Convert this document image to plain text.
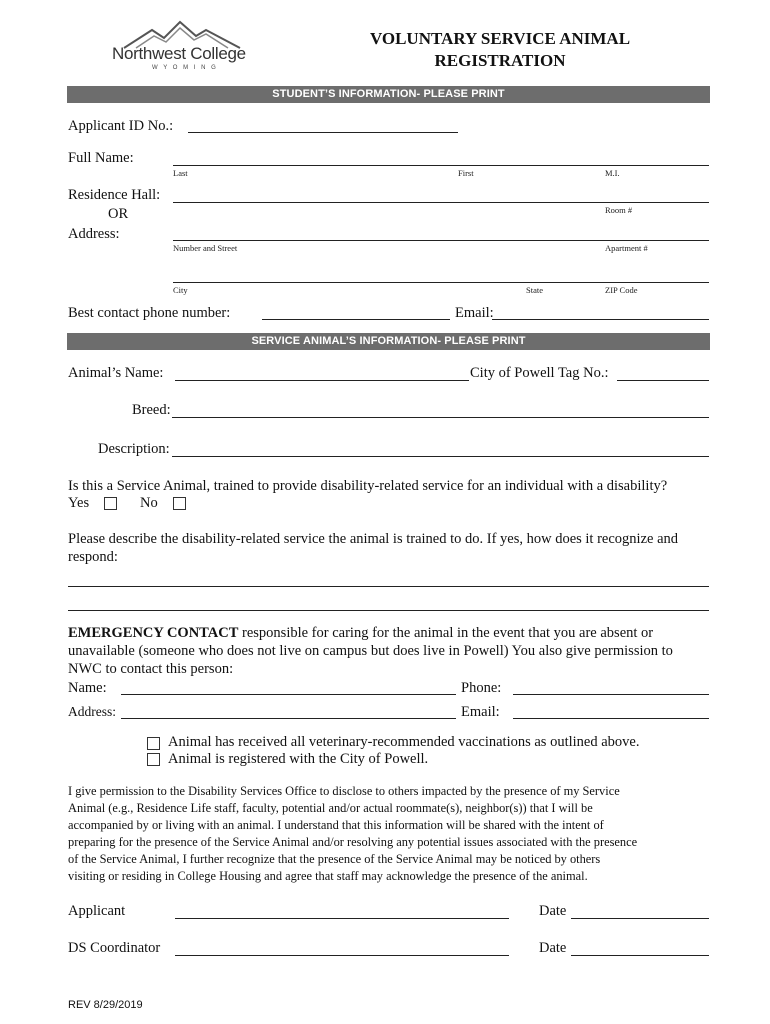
Northwest College
W Y O M I N G
VOLUNTARY SERVICE ANIMAL
REGISTRATION
STUDENT’S INFORMATION- PLEASE PRINT
Applicant ID No.:
Full Name:
Last	First	M.I.
Residence Hall:
Room #
OR
Address:
Number and Street	Apartment #
City	State	ZIP Code
Best contact phone number:	Email:
SERVICE ANIMAL’S INFORMATION- PLEASE PRINT
Animal’s Name:	City of Powell Tag No.:
Breed:
Description:
Is this a Service Animal, trained to provide disability-related service for an individual with a disability?
Yes	No
Please describe the disability-related service the animal is trained to do. If yes, how does it recognize and
respond:
EMERGENCY CONTACT responsible for caring for the animal in the event that you are absent or
unavailable (someone who does not live on campus but does live in Powell) You also give permission to
NWC to contact this person:
Name:	Phone:
Address:	Email:
Animal has received all veterinary-recommended vaccinations as outlined above.
Animal is registered with the City of Powell.
I give permission to the Disability Services Office to disclose to others impacted by the presence of my Service
Animal (e.g., Residence Life staff, faculty, potential and/or actual roommate(s), neighbor(s)) that I will be
accompanied by or living with an animal. I understand that this information will be shared with the intent of
preparing for the presence of the Service Animal and/or resolving any potential issues associated with the presence
of the Service Animal, I further recognize that the presence of the Service Animal may be noticed by others
visiting or residing in College Housing and agree that staff may acknowledge the presence of the animal.
Applicant	Date
DS Coordinator	Date
REV 8/29/2019
